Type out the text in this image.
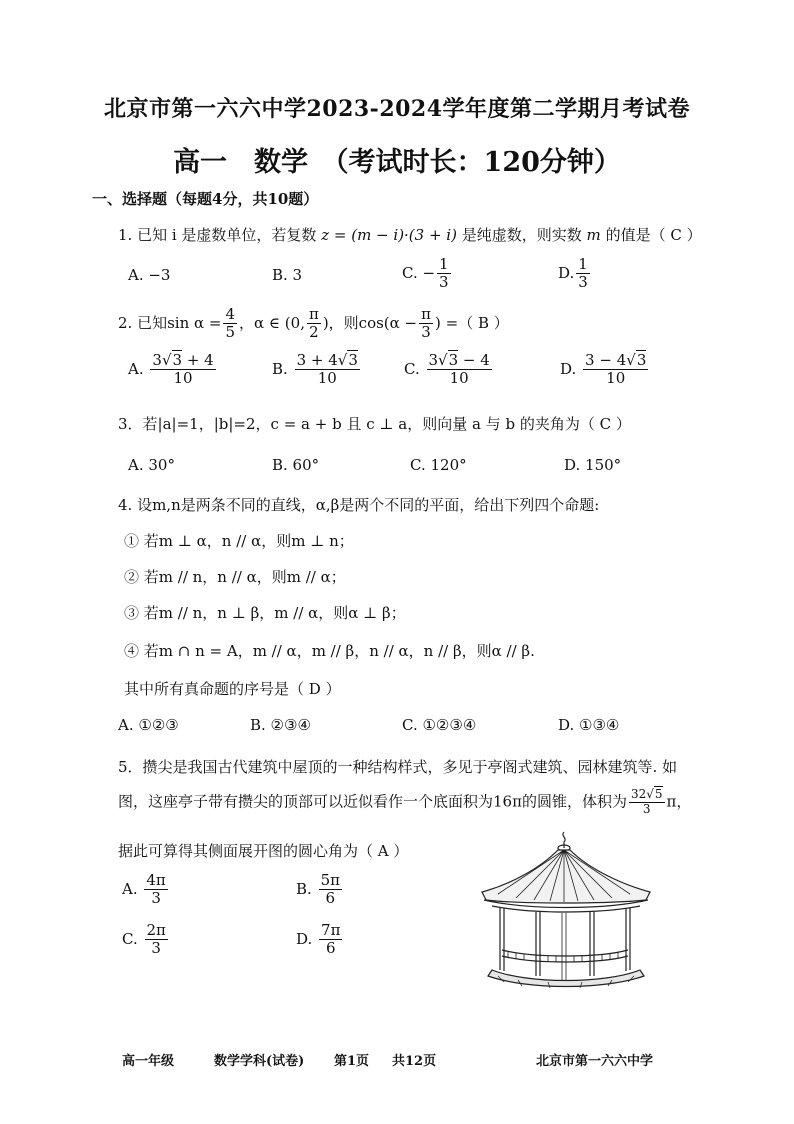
北京市第一六六中学2023-2024学年度第二学期月考试卷
高一　数学　（考试时长：120分钟）
一、选择题（每题4分，共10题）
1. 已知 i 是虚数单位，若复数 z = (m − i)·(3 + i) 是纯虚数，则实数 m 的值是（ C ）
A. −3	B. 3	C. − $\frac{1}{3}$	D. $\frac{1}{3}$
2. 已知$\sin \alpha = \frac{4}{5}$ ，α ∈ (0, $\frac{\pi}{2}$ )，则$\cos(\alpha - \frac{\pi}{3}$ ) =（ B ）
A. $\frac{3√3 + 4}{10}$	B. $\frac{3 + 4√3}{10}$	C. $\frac{3√3 - 4}{10}$	D. $\frac{3 - 4√3}{10}$
3．若|a|=1，|b|=2，c = a + b 且 c ⊥ a，则向量 a 与 b 的夹角为（ C ）
A. 30°	B. 60°	C. 120°	D. 150°
4. 设m,n是两条不同的直线，α,β是两个不同的平面，给出下列四个命题:
① 若m ⊥ α，n // α，则m ⊥ n；
② 若m // n，n // α，则m // α；
③ 若m // n，n ⊥ β，m // α，则α ⊥ β；
④ 若m ∩ n = A，m // α，m // β，n // α，n // β，则α // β.
其中所有真命题的序号是（ D ）
A. ①②③	B. ②③④	C. ①②③④	D. ①③④
5．攒尖是我国古代建筑中屋顶的一种结构样式，多见于亭阁式建筑、园林建筑等. 如
图，这座亭子带有攒尖的顶部可以近似看作一个底面积为16π的圆锥，体积为 $\frac{32√5}{3}$ π，
据此可算得其侧面展开图的圆心角为（ A ）
A. $\frac{4\pi}{3}$	B. $\frac{5\pi}{6}$
C. $\frac{2\pi}{3}$	D. $\frac{7\pi}{6}$
高一年级	数学学科(试卷) 第1页 共12页	北京市第一六六中学
